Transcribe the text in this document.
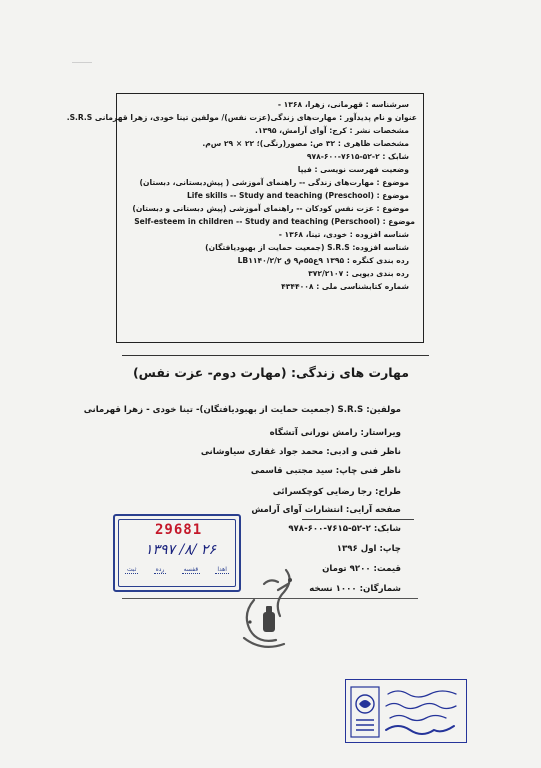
سرشناسه : قهرمانی، زهرا، ۱۳۶۸ -
عنوان و نام پدیدآور : مهارت‌های زندگی(عزت نفس)/ مولفین تینا خودی، زهرا قهرمانی S.R.S.
مشخصات نشر : کرج: آوای آرامش، ۱۳۹۵.
مشخصات ظاهری : ۳۲ ص: مصور(رنگی)؛ ۲۲ × ۲۹ س‌م.
شابک : ۲-۵۲-۷۶۱۵-۶۰۰-۹۷۸
وضعیت فهرست نویسی : فیپا
موضوع : مهارت‌های زندگی -- راهنمای آموزشی ( پیش‌دبستانی، دبستان)
موضوع : Life skills -- Study and teaching (Preschool)
موضوع : عزت نفس کودکان -- راهنمای آموزشی (پیش دبستانی و دبستان)
موضوع : Self-esteem in children -- Study and teaching (Perschool)
شناسه افزوده : خودی، تینا، ۱۳۶۸ -
شناسه افزوده: S.R.S (جمعیت حمایت از بهبودیافتگان)
رده بندی کنگره : ۱۳۹۵ ۹ع۵۵م۹ ق LB۱۱۴۰/۲/۲
رده بندی دیویی : ۳۷۲/۲۱۰۷
شماره کتابشناسی ملی : ۴۳۴۴۰۰۸
مهارت های زندگی: (مهارت دوم- عزت نفس)
مولفین: S.R.S (جمعیت حمایت از بهبودیافتگان)- تینا خودی - زهرا قهرمانی
ویراستار: رامش نورانی آتشگاه
ناظر فنی و ادبی: محمد جواد غفاری سیاوشانی
ناظر فنی چاپ: سید مجتبی قاسمی
طراح: رجا رضایی کوچکسرائی
صفحه آرایی: انتشارات آوای آرامش
شابک: ۲-۵۲-۷۶۱۵-۶۰۰-۹۷۸
چاپ: اول ۱۳۹۶
قیمت: ۹۲۰۰ تومان
شمارگان: ۱۰۰۰ نسخه
29681
۱۳۹۷ /۸/ ۲۶
ثبت	رده	قفسه	اهدا
